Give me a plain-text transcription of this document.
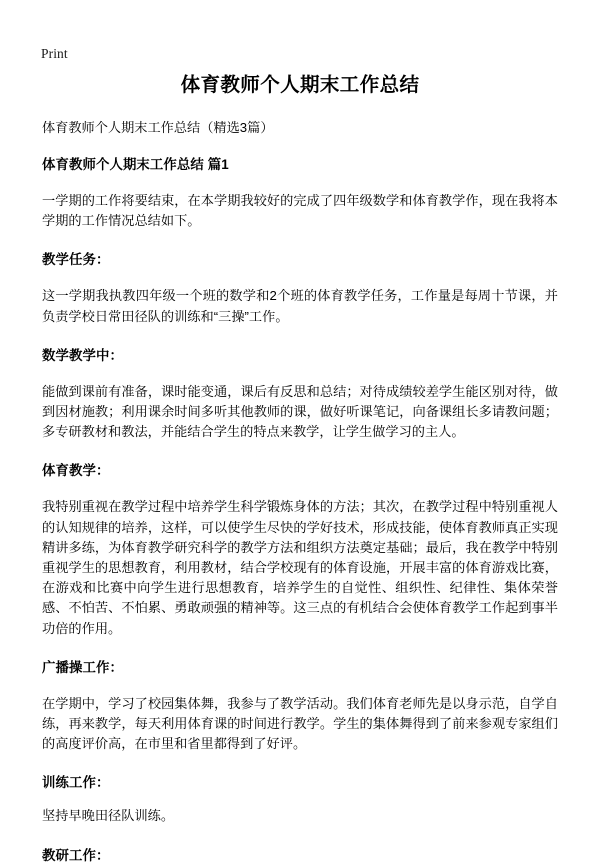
Print
体育教师个人期末工作总结

体育教师个人期末工作总结（精选3篇）

体育教师个人期末工作总结 篇1

一学期的工作将要结束，在本学期我较好的完成了四年级数学和体育教学作，现在我将本学期的工作情况总结如下。

教学任务：

这一学期我执教四年级一个班的数学和2个班的体育教学任务，工作量是每周十节课，并负责学校日常田径队的训练和“三操”工作。

数学教学中：

能做到课前有准备，课时能变通，课后有反思和总结；对待成绩较差学生能区别对待，做到因材施教；利用课余时间多听其他教师的课，做好听课笔记，向备课组长多请教问题；多专研教材和教法，并能结合学生的特点来教学，让学生做学习的主人。

体育教学：

我特别重视在教学过程中培养学生科学锻炼身体的方法；其次，在教学过程中特别重视人的认知规律的培养，这样，可以使学生尽快的学好技术，形成技能，使体育教师真正实现精讲多练，为体育教学研究科学的教学方法和组织方法奠定基础；最后，我在教学中特别重视学生的思想教育，利用教材，结合学校现有的体育设施，开展丰富的体育游戏比赛，在游戏和比赛中向学生进行思想教育，培养学生的自觉性、组织性、纪律性、集体荣誉感、不怕苦、不怕累、勇敢顽强的精神等。这三点的有机结合会使体育教学工作起到事半功倍的作用。

广播操工作：

在学期中，学习了校园集体舞，我参与了教学活动。我们体育老师先是以身示范，自学自练，再来教学，每天利用体育课的时间进行教学。学生的集体舞得到了前来参观专家组们的高度评价高，在市里和省里都得到了好评。

训练工作：

坚持早晚田径队训练。

教研工作：
